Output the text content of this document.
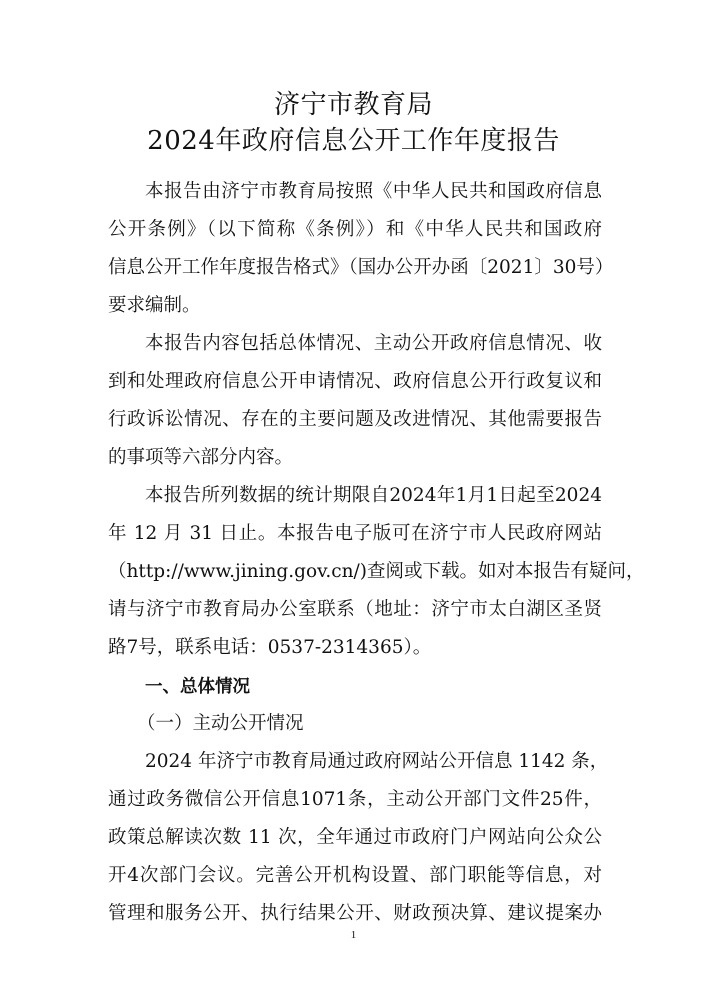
济宁市教育局
2024年政府信息公开工作年度报告
本报告由济宁市教育局按照《中华人民共和国政府信息
公开条例》（以下简称《条例》）和《中华人民共和国政府
信息公开工作年度报告格式》（国办公开办函〔2021〕30号）
要求编制。
本报告内容包括总体情况、主动公开政府信息情况、收
到和处理政府信息公开申请情况、政府信息公开行政复议和
行政诉讼情况、存在的主要问题及改进情况、其他需要报告
的事项等六部分内容。
本报告所列数据的统计期限自2024年1月1日起至2024
年 12 月 31 日止。本报告电子版可在济宁市人民政府网站
（http://www.jining.gov.cn/)查阅或下载。如对本报告有疑问，
请与济宁市教育局办公室联系（地址：济宁市太白湖区圣贤
路7号，联系电话：0537-2314365）。
一、总体情况
（一）主动公开情况
2024 年济宁市教育局通过政府网站公开信息 1142 条，
通过政务微信公开信息1071条，主动公开部门文件25件，
政策总解读次数 11 次，全年通过市政府门户网站向公众公
开4次部门会议。完善公开机构设置、部门职能等信息，对
管理和服务公开、执行结果公开、财政预决算、建议提案办
1
